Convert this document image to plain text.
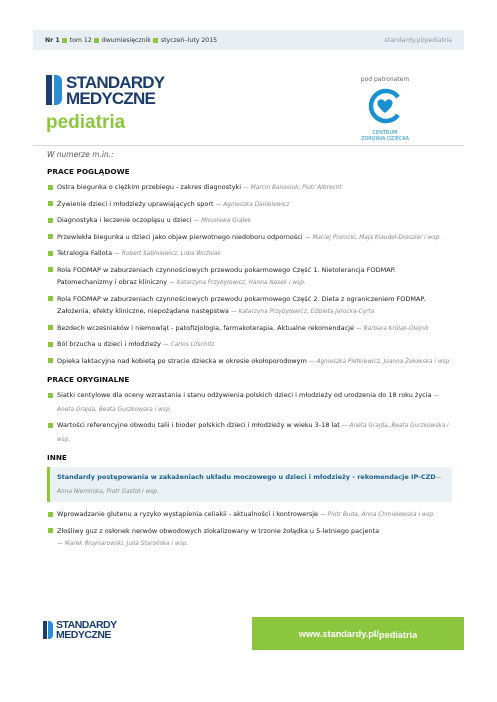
Nr 1 tom 12 dwumiesięcznik styczeń–luty 2015	standardy.pl/pediatria
STANDARDY
MEDYCZNE
pediatria
pod patronatem
CENTRUM
ZDROWIA DZIECKA
W numerze m.in.:
PRACE POGLĄDOWE
Ostra biegunka o ciężkim przebiegu - zakres diagnostyki — Marcin Banasiuk, Piotr Albrecht
Żywienie dzieci i młodzieży uprawiających sport — Agnieszka Danielewicz
Diagnostyka i leczenie oczopląsu u dzieci — Mirosława Grałek
Przewlekła biegunka u dzieci jako objaw pierwotnego niedoboru odporności — Maciej Pronicki, Maja Klaudel-Dreszler i wsp.
Tetralogia Fallota — Robert Sabiniewicz, Lidia Woźniak
Rola FODMAP w zaburzeniach czynnościowych przewodu pokarmowego Część 1. Nietolerancja FODMAP. Patomechanizmy i obraz kliniczny — Katarzyna Przybyłowicz, Hanna Nosek i wsp.
Rola FODMAP w zaburzeniach czynnościowych przewodu pokarmowego Część 2. Dieta z ograniczeniem FODMAP. Założenia, efekty kliniczne, niepożądane następstwa — Katarzyna Przybyłowicz, Elżbieta Jarocka-Cyrta
Bezdech wcześniaków i niemowląt - patofizjologia, farmakoterapia. Aktualne rekomendacje — Barbara Królak-Olejnik
Ból brzucha u dzieci i młodzieży — Carlos Lifschitz
Opieka laktacyjna nad kobietą po stracie dziecka w okresie okołoporodowym — Agnieszka Pietkiewicz, Joanna Żołowska i wsp.
PRACE ORYGINALNE
Siatki centylowe dla oceny wzrastania i stanu odżywienia polskich dzieci i młodzieży od urodzenia do 18 roku życia — Aneta Grajda, Beata Gurzkowska i wsp.
Wartości referencyjne obwodu talii i bioder polskich dzieci i młodzieży w wieku 3-18 lat — Aneta Grajda, Beata Gurzkowska i wsp.
INNE
Standardy postępowania w zakażeniach układu moczowego u dzieci i młodzieży - rekomendacje IP-CZD— Anna Niemirska, Piotr Gastoł i wsp.
Wprowadzanie glutenu a ryzyko wystąpienia celiakii - aktualności i kontrowersje — Piotr Buda, Anna Chmielewska i wsp.
Złośliwy guz z osłonek nerwów obwodowych zlokalizowany w trzonie żołądka u 5-letniego pacjenta
— Marek Woynarowski, Julia Starońska i wsp.
STANDARDY
MEDYCZNE	www.standardy.pl/ pediatria
